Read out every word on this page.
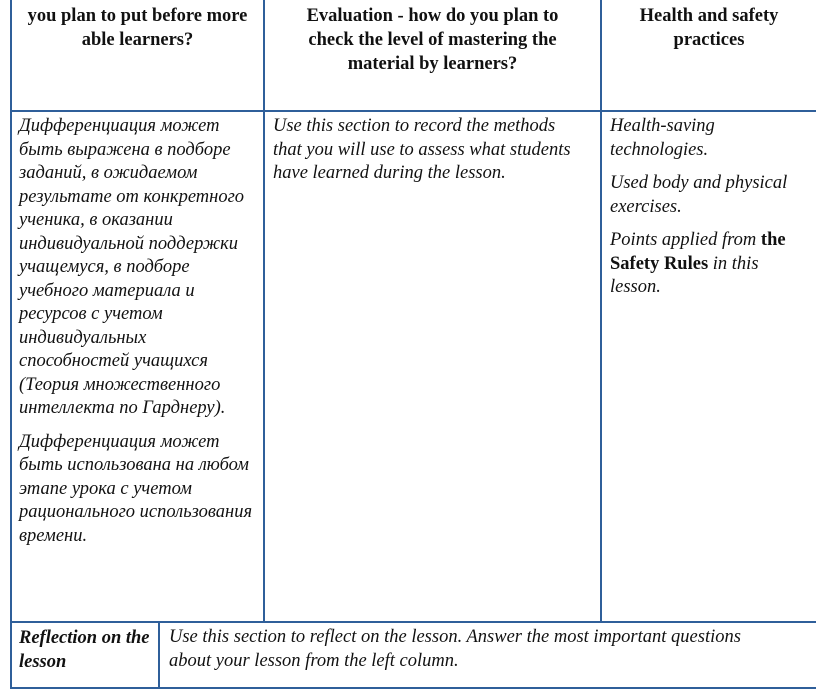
you plan to put before more able learners?
Evaluation - how do you plan to check the level of mastering the material by learners?
Health and safety practices

Дифференциация может быть выражена в подборе заданий, в ожидаемом результате от конкретного ученика, в оказании индивидуальной поддержки учащемуся, в подборе учебного материала и ресурсов с учетом индивидуальных способностей учащихся (Теория множественного интеллекта по Гарднеру).

Дифференциация может быть использована на любом этапе урока с учетом рационального использования времени.

Use this section to record the methods that you will use to assess what students have learned during the lesson.

Health-saving technologies.

Used body and physical exercises.

Points applied from the Safety Rules in this lesson.

Reflection on the lesson
Use this section to reflect on the lesson. Answer the most important questions about your lesson from the left column.
